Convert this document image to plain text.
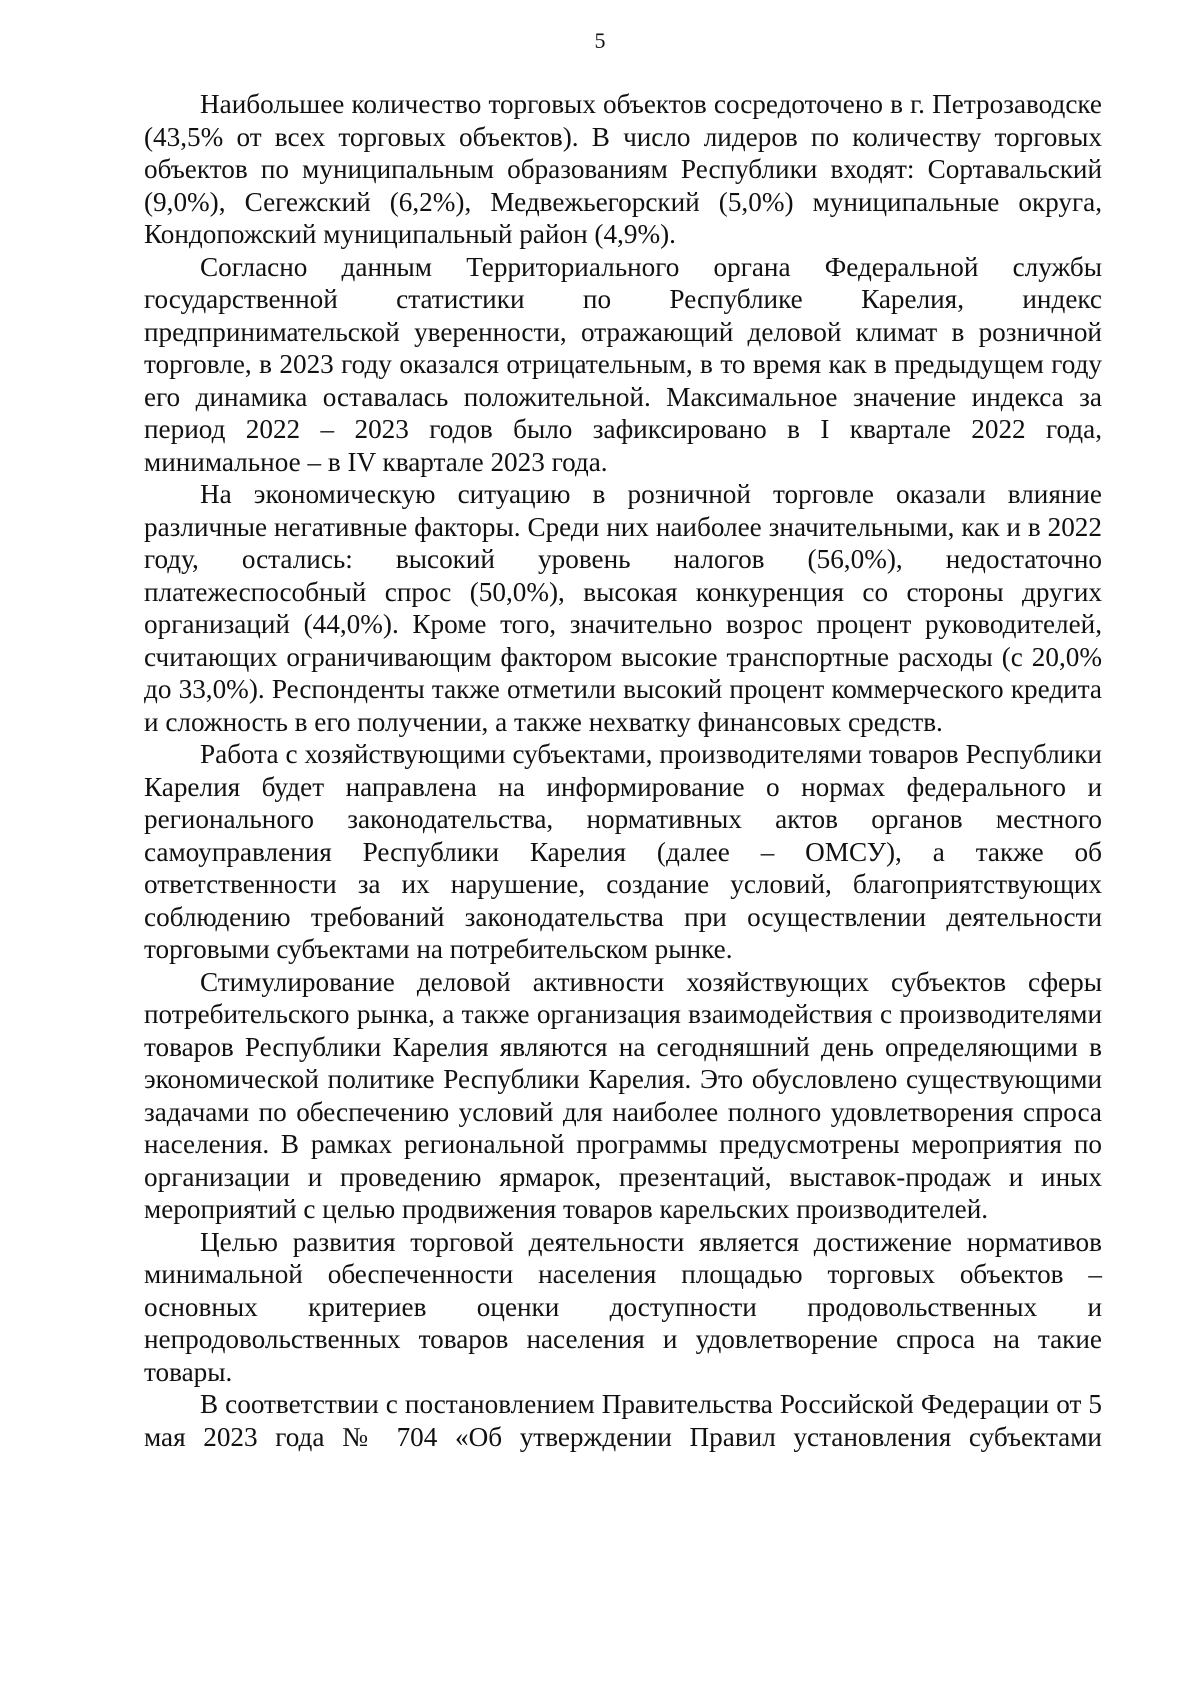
5

Наибольшее количество торговых объектов сосредоточено в г. Петрозаводске (43,5% от всех торговых объектов). В число лидеров по количеству торговых объектов по муниципальным образованиям Республики входят: Сортавальский (9,0%), Сегежский (6,2%), Медвежьегорский (5,0%) муниципальные округа, Кондопожский муниципальный район (4,9%).

Согласно данным Территориального органа Федеральной службы государственной статистики по Республике Карелия, индекс предпринимательской уверенности, отражающий деловой климат в розничной торговле, в 2023 году оказался отрицательным, в то время как в предыдущем году его динамика оставалась положительной. Максимальное значение индекса за период 2022 – 2023 годов было зафиксировано в I квартале 2022 года, минимальное – в IV квартале 2023 года.

На экономическую ситуацию в розничной торговле оказали влияние различные негативные факторы. Среди них наиболее значительными, как и в 2022 году, остались: высокий уровень налогов (56,0%), недостаточно платежеспособный спрос (50,0%), высокая конкуренция со стороны других организаций (44,0%). Кроме того, значительно возрос процент руководителей, считающих ограничивающим фактором высокие транспортные расходы (с 20,0% до 33,0%). Респонденты также отметили высокий процент коммерческого кредита и сложность в его получении, а также нехватку финансовых средств.

Работа с хозяйствующими субъектами, производителями товаров Республики Карелия будет направлена на информирование о нормах федерального и регионального законодательства, нормативных актов органов местного самоуправления Республики Карелия (далее – ОМСУ), а также об ответственности за их нарушение, создание условий, благоприятствующих соблюдению требований законодательства при осуществлении деятельности торговыми субъектами на потребительском рынке.

Стимулирование деловой активности хозяйствующих субъектов сферы потребительского рынка, а также организация взаимодействия с производителями товаров Республики Карелия являются на сегодняшний день определяющими в экономической политике Республики Карелия. Это обусловлено существующими задачами по обеспечению условий для наиболее полного удовлетворения спроса населения. В рамках региональной программы предусмотрены мероприятия по организации и проведению ярмарок, презентаций, выставок-продаж и иных мероприятий с целью продвижения товаров карельских производителей.

Целью развития торговой деятельности является достижение нормативов минимальной обеспеченности населения площадью торговых объектов – основных критериев оценки доступности продовольственных и непродовольственных товаров населения и удовлетворение спроса на такие товары.

В соответствии с постановлением Правительства Российской Федерации от 5 мая 2023 года № 704 «Об утверждении Правил установления субъектами
